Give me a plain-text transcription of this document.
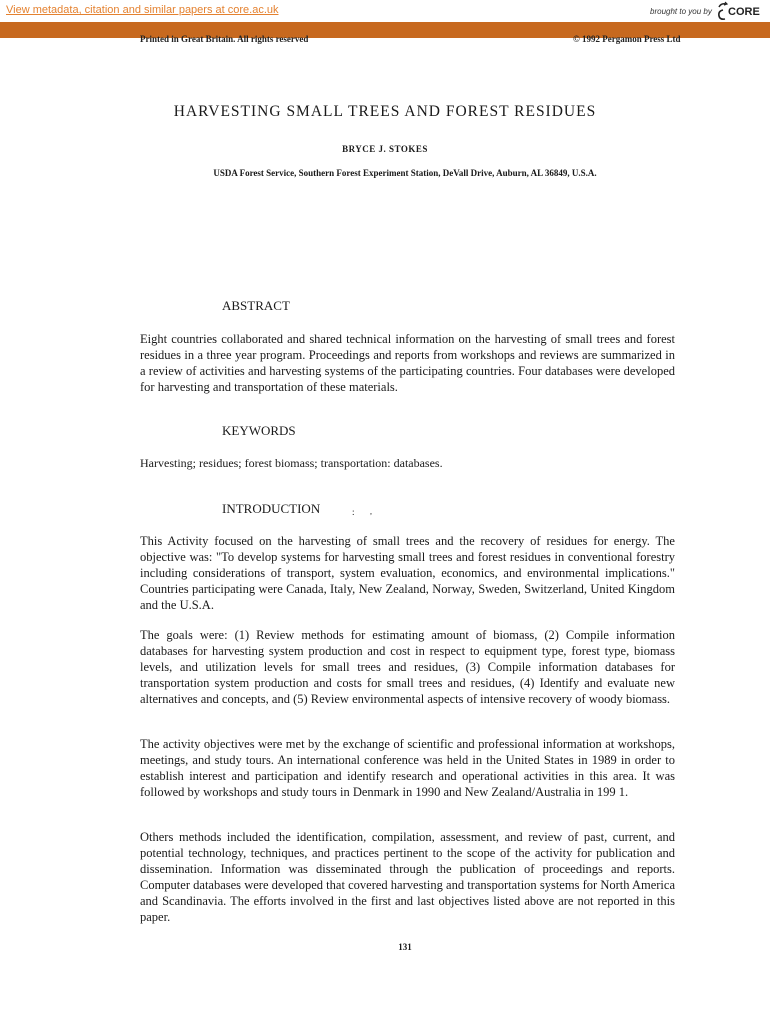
View metadata, citation and similar papers at core.ac.uk	brought to you by CORE
provided by CiteSeerX
Printed in Great Britain. All rights reserved	© 1992 Pergamon Press Ltd
HARVESTING SMALL TREES AND FOREST RESIDUES
BRYCE J. STOKES
USDA Forest Service, Southern Forest Experiment Station, DeVall Drive, Auburn, AL 36849, U.S.A.
ABSTRACT
Eight countries collaborated and shared technical information on the harvesting of small trees and forest residues in a three year program. Proceedings and reports from workshops and reviews are summarized in a review of activities and harvesting systems of the participating countries. Four databases were developed for harvesting and transportation of these materials.
KEYWORDS
Harvesting; residues; forest biomass; transportation: databases.
INTRODUCTION	: ,
This Activity focused on the harvesting of small trees and the recovery of residues for energy. The objective was: "To develop systems for harvesting small trees and forest residues in conventional forestry including considerations of transport, system evaluation, economics, and environmental implications." Countries participating were Canada, Italy, New Zealand, Norway, Sweden, Switzerland, United Kingdom and the U.S.A.
The goals were: (1) Review methods for estimating amount of biomass, (2) Compile information databases for harvesting system production and cost in respect to equipment type, forest type, biomass levels, and utilization levels for small trees and residues, (3) Compile information databases for transportation system production and costs for small trees and residues, (4) Identify and evaluate new alternatives and concepts, and (5) Review environmental aspects of intensive recovery of woody biomass.
The activity objectives were met by the exchange of scientific and professional information at workshops, meetings, and study tours. An international conference was held in the United States in 1989 in order to establish interest and participation and identify research and operational activities in this area. It was followed by workshops and study tours in Denmark in 1990 and New Zealand/Australia in 199 1.
Others methods included the identification, compilation, assessment, and review of past, current, and potential technology, techniques, and practices pertinent to the scope of the activity for publication and dissemination. Information was disseminated through the publication of proceedings and reports. Computer databases were developed that covered harvesting and transportation systems for North America and Scandinavia. The efforts involved in the first and last objectives listed above are not reported in this paper.
131
